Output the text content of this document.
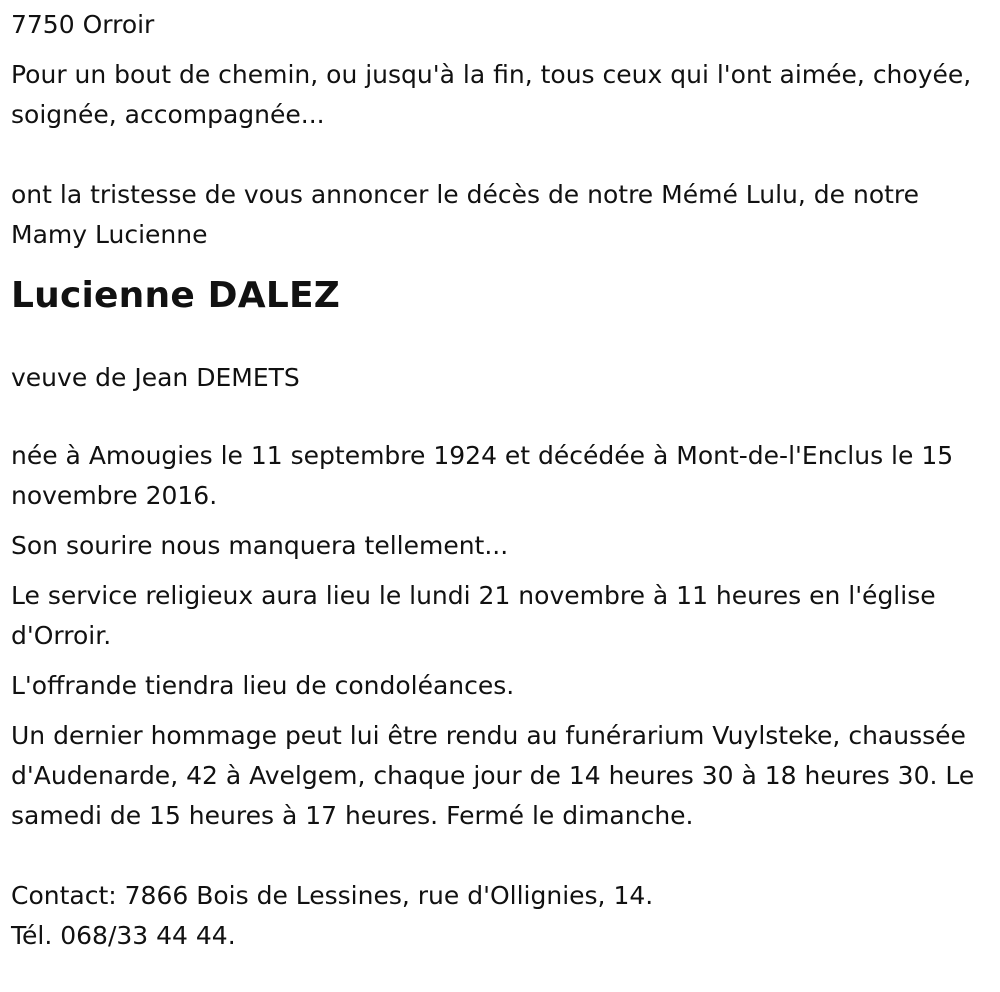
7750 Orroir

Pour un bout de chemin, ou jusqu'à la fin, tous ceux qui l'ont aimée, choyée, soignée, accompagnée...

ont la tristesse de vous annoncer le décès de notre Mémé Lulu, de notre Mamy Lucienne

Lucienne DALEZ

veuve de Jean DEMETS

née à Amougies le 11 septembre 1924 et décédée à Mont-de-l'Enclus le 15 novembre 2016.

Son sourire nous manquera tellement...

Le service religieux aura lieu le lundi 21 novembre à 11 heures en l'église d'Orroir.

L'offrande tiendra lieu de condoléances.

Un dernier hommage peut lui être rendu au funérarium Vuylsteke, chaussée d'Audenarde, 42 à Avelgem, chaque jour de 14 heures 30 à 18 heures 30. Le samedi de 15 heures à 17 heures. Fermé le dimanche.

Contact: 7866 Bois de Lessines, rue d'Ollignies, 14.
Tél. 068/33 44 44.
